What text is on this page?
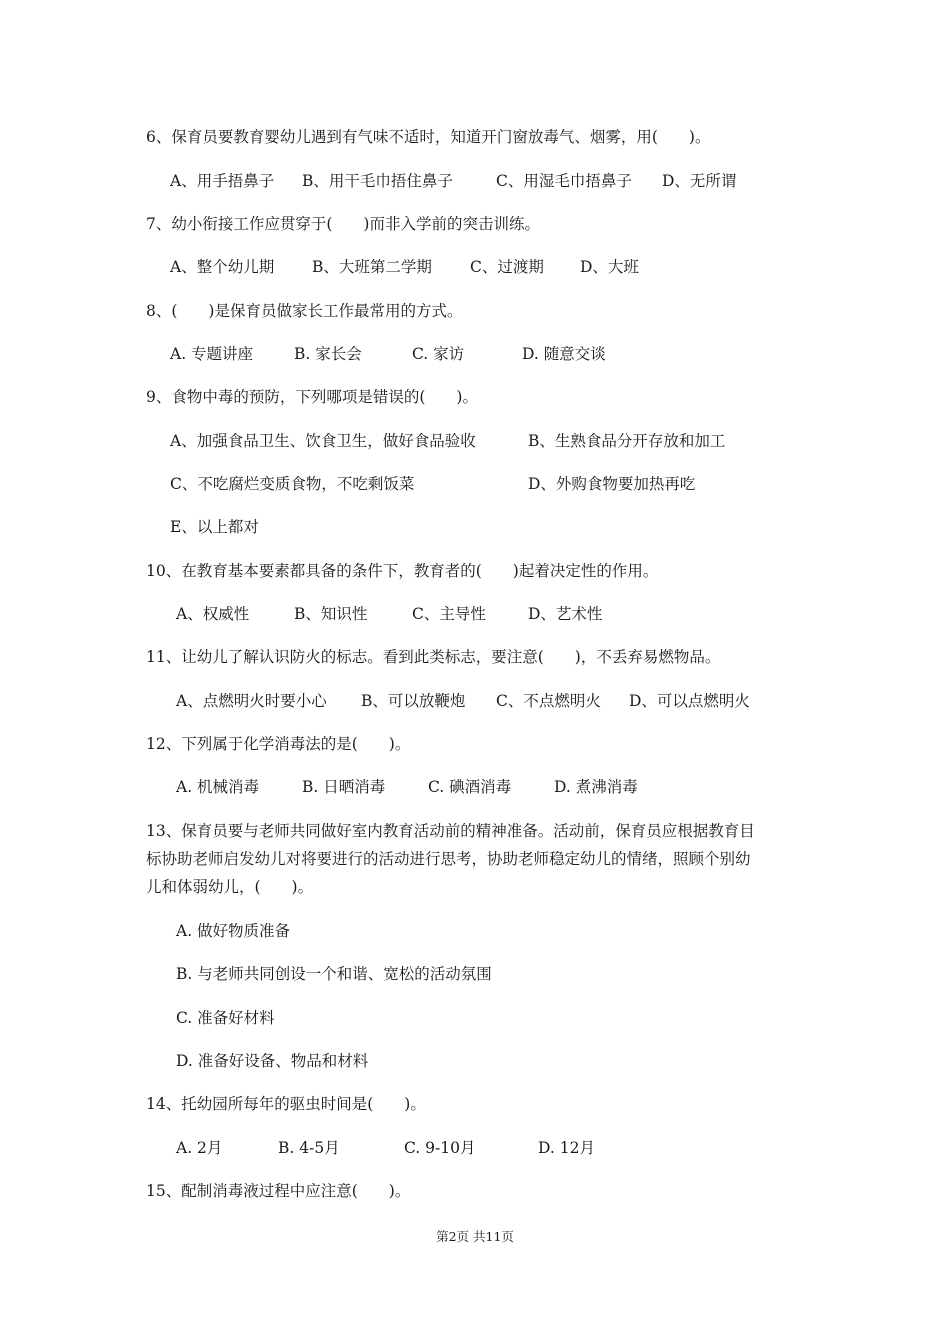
6、保育员要教育婴幼儿遇到有气味不适时，知道开门窗放毒气、烟雾，用(　　)。
A、用手捂鼻子 B、用干毛巾捂住鼻子	C、用湿毛巾捂鼻子 D、无所谓
7、幼小衔接工作应贯穿于(　　)而非入学前的突击训练。
A、整个幼儿期 B、大班第二学期 C、过渡期 D、大班
8、(　　)是保育员做家长工作最常用的方式。
A. 专题讲座	B. 家长会	C. 家访	D. 随意交谈
9、食物中毒的预防，下列哪项是错误的(　　)。
A、加强食品卫生、饮食卫生，做好食品验收	B、生熟食品分开存放和加工
C、不吃腐烂变质食物，不吃剩饭菜	D、外购食物要加热再吃
E、以上都对
10、在教育基本要素都具备的条件下，教育者的(　　)起着决定性的作用。
A、权威性	B、知识性	C、主导性	D、艺术性
11、让幼儿了解认识防火的标志。看到此类标志，要注意(　　)，不丢弃易燃物品。
A、点燃明火时要小心 B、可以放鞭炮 C、不点燃明火 D、可以点燃明火
12、下列属于化学消毒法的是(　　)。
A. 机械消毒	B. 日晒消毒	C. 碘酒消毒	D. 煮沸消毒
13、保育员要与老师共同做好室内教育活动前的精神准备。活动前，保育员应根据教育目
标协助老师启发幼儿对将要进行的活动进行思考，协助老师稳定幼儿的情绪，照顾个别幼
儿和体弱幼儿，(　　)。
A. 做好物质准备
B. 与老师共同创设一个和谐、宽松的活动氛围
C. 准备好材料
D. 准备好设备、物品和材料
14、托幼园所每年的驱虫时间是(　　)。
A. 2月	B. 4-5月	C. 9-10月	D. 12月
15、配制消毒液过程中应注意(　　)。
第2页 共11页
